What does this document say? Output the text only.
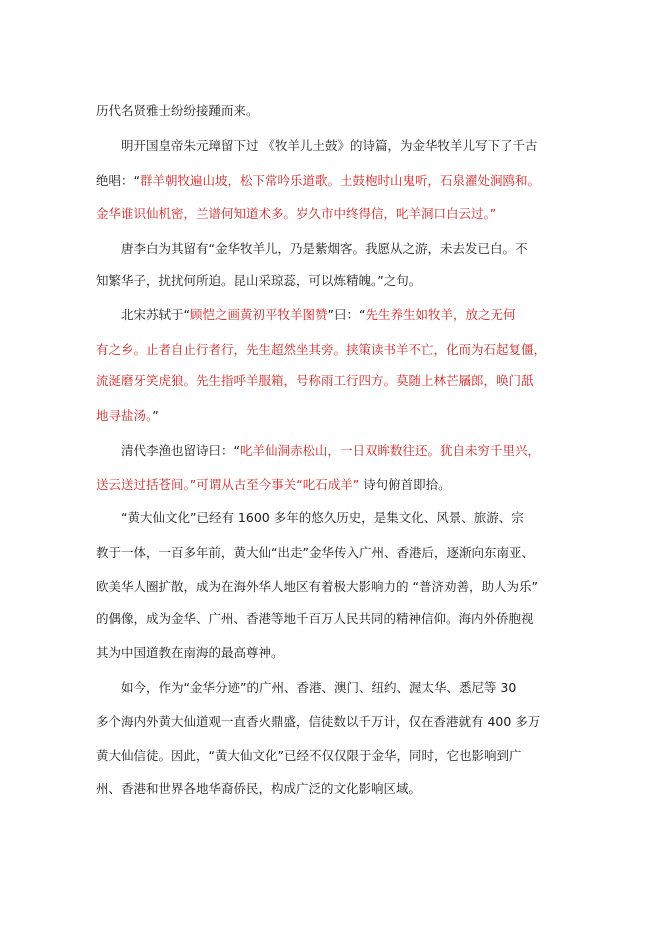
历代名贤雅士纷纷接踵而来。
明开国皇帝朱元璋留下过 《牧羊儿土鼓》的诗篇，为金华牧羊儿写下了千古
绝唱：“群羊朝牧遍山坡，松下常吟乐道歌。土鼓枹时山鬼听，石泉濯处涧鸥和。
金华谁识仙机密，兰谱何知道术多。岁久市中终得信，叱羊洞口白云过。”
唐李白为其留有“金华牧羊儿，乃是紫烟客。我愿从之游，未去发已白。不
知繁华子，扰扰何所迫。昆山采琼蕊，可以炼精魄。”之句。
北宋苏轼于“顾恺之画黄初平牧羊图赞”曰：“先生养生如牧羊，放之无何
有之乡。止者自止行者行，先生超然坐其旁。挟策读书羊不亡，化而为石起复僵，
流涎磨牙笑虎狼。先生指呼羊服箱，号称雨工行四方。莫随上林芒屩郎，唤门舐
地寻盐汤。”
清代李渔也留诗曰：“叱羊仙洞赤松山，一日双眸数往还。犹自未穷千里兴，
送云送过括苍间。”可谓从古至今事关“叱石成羊” 诗句俯首即拾。
“黄大仙文化”已经有 1600 多年的悠久历史，是集文化、风景、旅游、宗
教于一体，一百多年前，黄大仙“出走”金华传入广州、香港后，逐渐向东南亚、
欧美华人圈扩散，成为在海外华人地区有着极大影响力的 “普济劝善，助人为乐”
的偶像，成为金华、广州、香港等地千百万人民共同的精神信仰。海内外侨胞视
其为中国道教在南海的最高尊神。
如今，作为“金华分迹”的广州、香港、澳门、纽约、渥太华、悉尼等 30
多个海内外黄大仙道观一直香火鼎盛，信徒数以千万计，仅在香港就有 400 多万
黄大仙信徒。因此，“黄大仙文化”已经不仅仅限于金华，同时，它也影响到广
州、香港和世界各地华裔侨民，构成广泛的文化影响区域。
